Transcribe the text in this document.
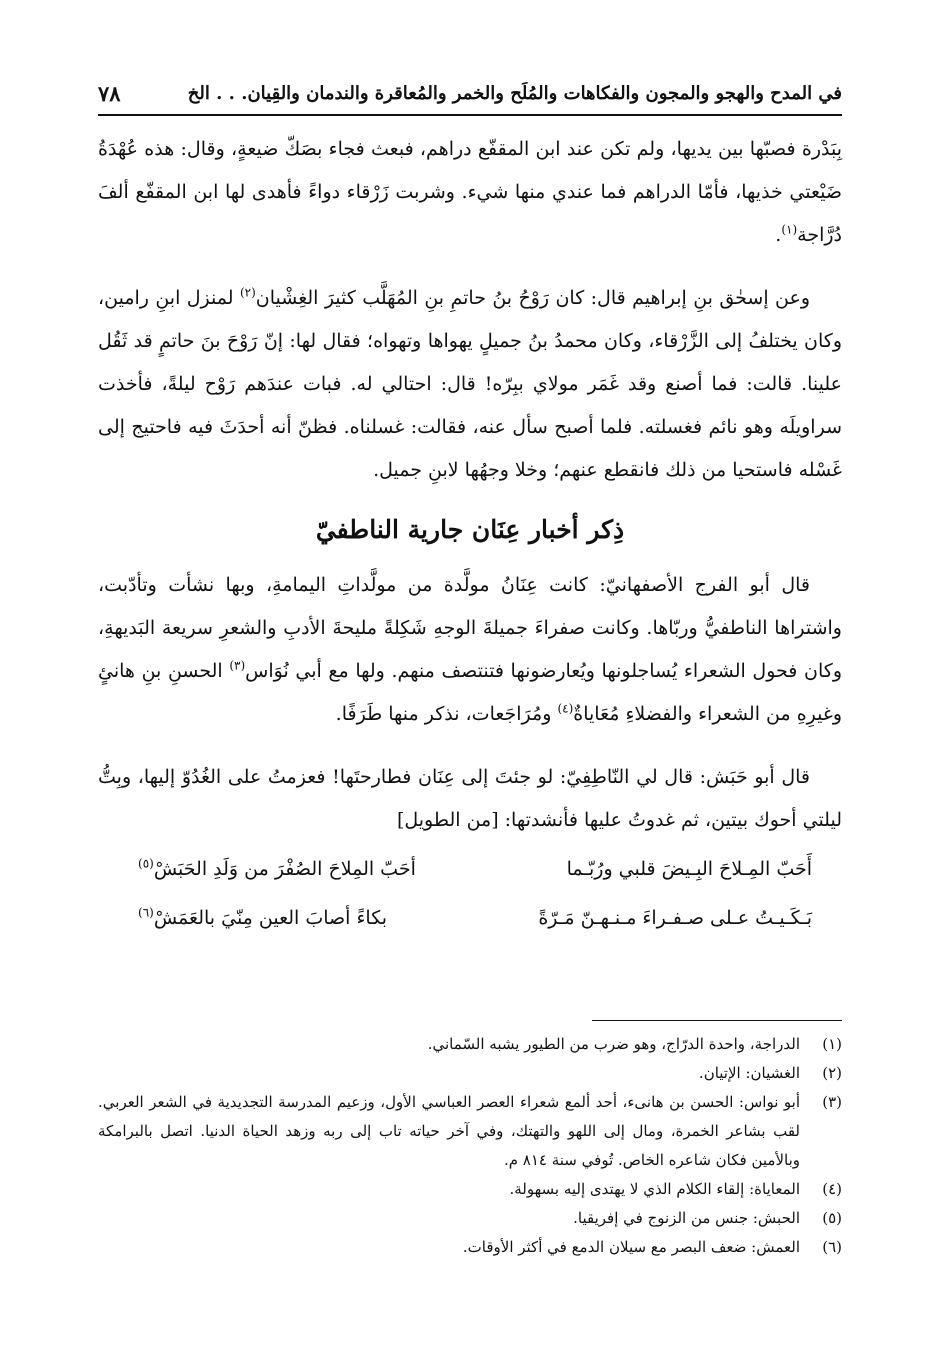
في المدح والهجو والمجون والفكاهات والمُلَح والخمر والمُعاقرة والندمان والقِيان. . . الخ
٧٨

بِبَدْرة فصبّها بين يديها، ولم تكن عند ابن المقفّع دراهم، فبعث فجاء بصَكّ ضيعةٍ، وقال: هذه عُهْدَةُ ضَيْعتي خذيها، فأمّا الدراهم فما عندي منها شيء. وشربت زَرْقاء دواءً فأهدى لها ابن المقفّع ألفَ دُرَّاجة$^{(١)}$.

وعن إسحٰق بنِ إبراهيم قال: كان رَوْحُ بنُ حاتمِ بنِ المُهَلَّب كثيرَ الغِشْيان$^{(٢)}$ لمنزل ابنِ رامين، وكان يختلفُ إلى الزَّرْقاء، وكان محمدُ بنُ جميلٍ يهواها وتهواه؛ فقال لها: إنّ رَوْحَ بنَ حاتمٍ قد ثَقُل علينا. قالت: فما أصنع وقد غَمَر مولاي ببِرّه! قال: احتالي له. فبات عندَهم رَوْح ليلةً، فأخذت سراويلَه وهو نائم فغسلته. فلما أصبح سأل عنه، فقالت: غسلناه. فظنّ أنه أحدَثَ فيه فاحتيج إلى غَسْله فاستحيا من ذلك فانقطع عنهم؛ وخلا وجهُها لابنِ جميل.

ذِكر أخبار عِنَان جارية الناطفيّ

قال أبو الفرج الأصفهانيّ: كانت عِنَانُ مولَّدة من مولَّداتِ اليمامةِ، وبها نشأت وتأدّبت، واشتراها الناطفيُّ وربّاها. وكانت صفراءَ جميلةَ الوجهِ شَكِلةً مليحةَ الأدبِ والشعرِ سريعة البَديهةِ، وكان فحول الشعراء يُساجلونها ويُعارضونها فتنتصف منهم. ولها مع أبي نُوَاس$^{(٣)}$ الحسنِ بنِ هانئٍ وغيرِهِ من الشعراء والفضلاءِ مُعَاياةٌ$^{(٤)}$ ومُرَاجَعات، نذكر منها طَرَفًا.

قال أبو حَبَش: قال لي النّاطِفِيّ: لو جئتَ إلى عِنَان فطارحتَها! فعزمتُ على الغُدُوّ إليها، وبِتُّ ليلتي أحوك بيتين، ثم غدوتُ عليها فأنشدتها: [من الطويل]

أَحَبّ المِـلاحَ البِـيضَ قلبي ورُبّـما
أحَبّ المِلاحَ الصُفْرَ من وَلَدِ الحَبَشْ$^{(٥)}$
بَـكَـيـتُ عـلى صـفـراءَ مـنـهـنّ مَـرّةً
بكاءً أصابَ العين مِنّيَ بالعَمَشْ$^{(٦)}$
(١)
الدراجة، واحدة الدرّاج، وهو ضرب من الطيور يشبه السّماني.
(٢)
الغشيان: الإتيان.
(٣)
أبو نواس: الحسن بن هانىء، أحد ألمع شعراء العصر العباسي الأول، وزعيم المدرسة التجديدية في الشعر العربي. لقب بشاعر الخمرة، ومال إلى اللهو والتهتك، وفي آخر حياته تاب إلى ربه وزهد الحياة الدنيا. اتصل بالبرامكة وبالأمين فكان شاعره الخاص. تُوفي سنة ٨١٤ م.
(٤)
المعاياة: إلقاء الكلام الذي لا يهتدى إليه بسهولة.
(٥)
الحبش: جنس من الزنوج في إفريقيا.
(٦)
العمش: ضعف البصر مع سيلان الدمع في أكثر الأوقات.
